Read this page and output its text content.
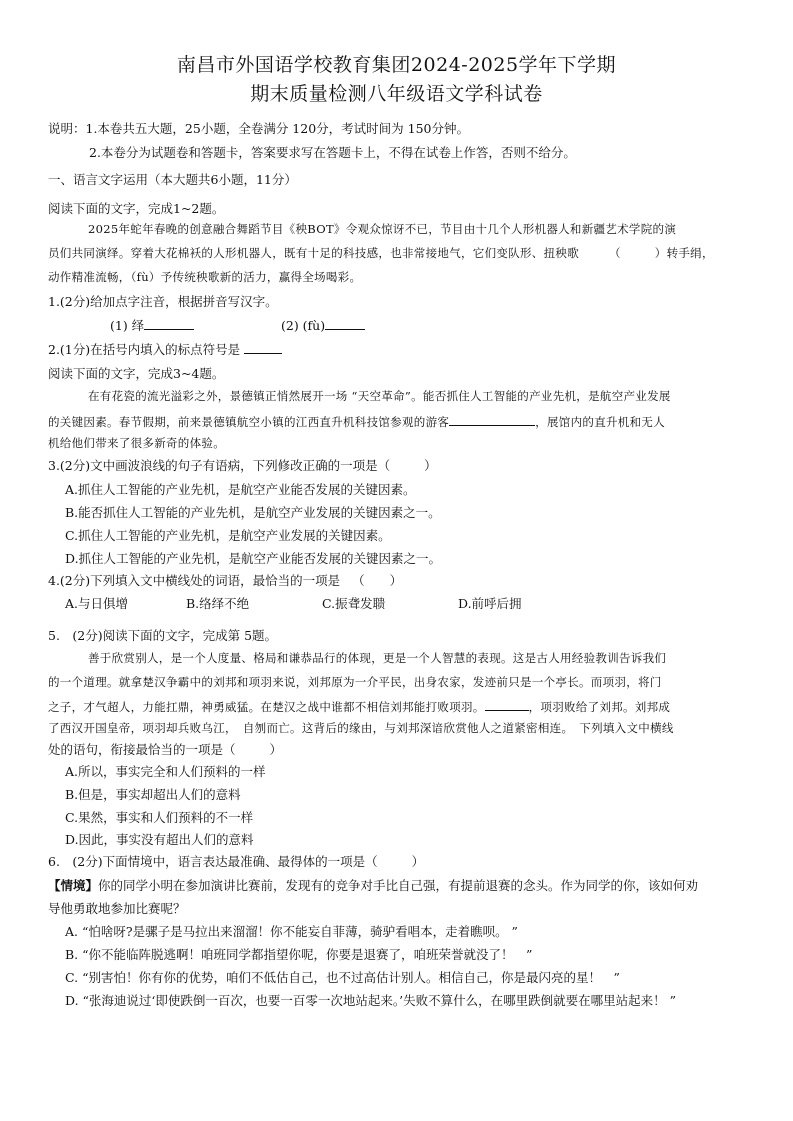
南昌市外国语学校教育集团2024-2025学年下学期
期末质量检测八年级语文学科试卷
说明：1.本卷共五大题，25小题，全卷满分 120分，考试时间为 150分钟。
2.本卷分为试题卷和答题卡，答案要求写在答题卡上，不得在试卷上作答，否则不给分。
一、语言文字运用（本大题共6小题，11分）
阅读下面的文字，完成1~2题。
2025年蛇年春晚的创意融合舞蹈节目《秧BOT》令观众惊讶不已，节目由十几个人形机器人和新疆艺术学院的演
员们共同演绎。穿着大花棉袄的人形机器人，既有十足的科技感，也非常接地气，它们变队形、扭秧歌	（	）转手绢，
动作精准流畅，（fù）予传统秧歌新的活力，赢得全场喝彩。
1.(2分)给加点字注音，根据拼音写汉字。
(1) 绎	(2) (fù)
2.(1分)在括号内填入的标点符号是
阅读下面的文字，完成3~4题。
在有花瓷的流光溢彩之外，景德镇正悄然展开一场 “天空革命”。能否抓住人工智能的产业先机，是航空产业发展
的关键因素。春节假期，前来景德镇航空小镇的江西直升机科技馆参观的游客	，展馆内的直升机和无人
机给他们带来了很多新奇的体验。
3.(2分)文中画波浪线的句子有语病，下列修改正确的一项是（	）
A.抓住人工智能的产业先机，是航空产业能否发展的关键因素。
B.能否抓住人工智能的产业先机，是航空产业发展的关键因素之一。
C.抓住人工智能的产业先机，是航空产业发展的关键因素。
D.抓住人工智能的产业先机，是航空产业能否发展的关键因素之一。
4.(2分)下列填入文中横线处的词语，最恰当的一项是 （　　）
A.与日俱增	B.络绎不绝	C.振聋发聩	D.前呼后拥
5.　(2分)阅读下面的文字，完成第 5题。
善于欣赏别人，是一个人度量、格局和谦恭品行的体现，更是一个人智慧的表现。这是古人用经验教训告诉我们
的一个道理。就拿楚汉争霸中的刘邦和项羽来说，刘邦原为一介平民，出身农家，发迹前只是一个亭长。而项羽，将门
之子，才气超人，力能扛鼎，神勇威猛。在楚汉之战中谁都不相信刘邦能打败项羽。	，项羽败给了刘邦。刘邦成
了西汉开国皇帝，项羽却兵败乌江，　自刎而亡。这背后的缘由，与刘邦深谙欣赏他人之道紧密相连。　下列填入文中横线
处的语句，衔接最恰当的一项是（	）
A.所以，事实完全和人们预料的一样
B.但是，事实却超出人们的意料
C.果然，事实和人们预料的不一样
D.因此，事实没有超出人们的意料
6.　(2分)下面情境中，语言表达最准确、最得体的一项是（	）
【情境】你的同学小明在参加演讲比赛前，发现有的竞争对手比自己强，有提前退赛的念头。作为同学的你，该如何劝
导他勇敢地参加比赛呢？
A. “怕啥呀?是骡子是马拉出来溜溜！你不能妄自菲薄，骑驴看唱本，走着瞧呗。 ”
B. “你不能临阵脱逃啊！咱班同学都指望你呢，你要是退赛了，咱班荣誉就没了！　”
C. “别害怕！你有你的优势，咱们不低估自己，也不过高估计别人。相信自己，你是最闪亮的星！　”
D. “张海迪说过‘即使跌倒一百次，也要一百零一次地站起来。’失败不算什么，在哪里跌倒就要在哪里站起来！ ”
